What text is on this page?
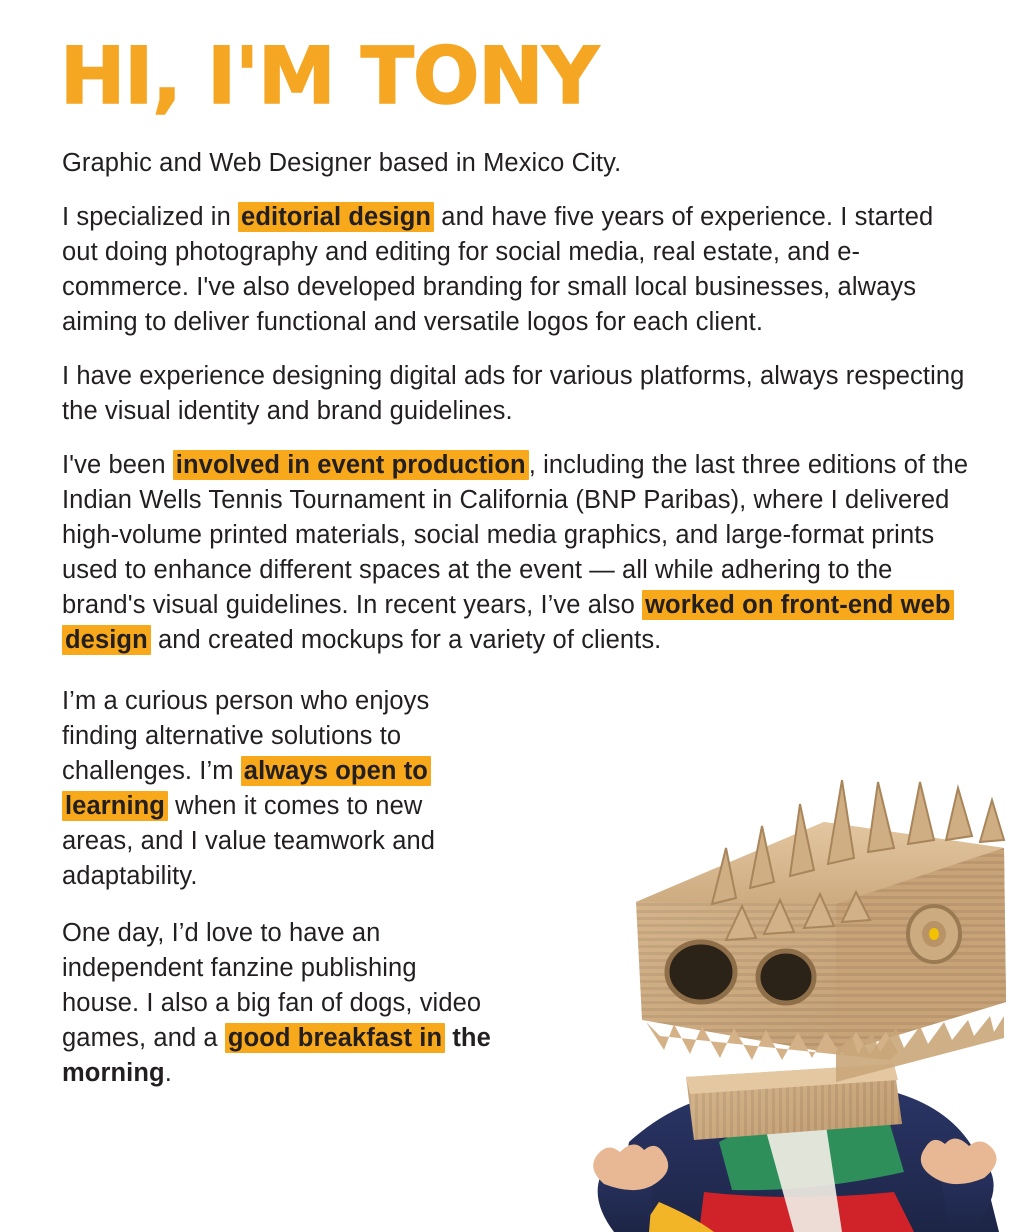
HI, I'M TONY

Graphic and Web Designer based in Mexico City.

I specialized in editorial design and have five years of experience. I started out doing photography and editing for social media, real estate, and e-commerce. I've also developed branding for small local businesses, always aiming to deliver functional and versatile logos for each client.

I have experience designing digital ads for various platforms, always respecting the visual identity and brand guidelines.

I've been involved in event production , including the last three editions of the Indian Wells Tennis Tournament in California (BNP Paribas), where I delivered high-volume printed materials, social media graphics, and large-format prints used to enhance different spaces at the event — all while adhering to the brand's visual guidelines. In recent years, I’ve also worked on front-end web design and created mockups for a variety of clients.

I’m a curious person who enjoys finding alternative solutions to challenges. I’m always open to learning when it comes to new areas, and I value teamwork and adaptability.

One day, I’d love to have an independent fanzine publishing house. I also a big fan of dogs, video games, and a good breakfast in the morning.
